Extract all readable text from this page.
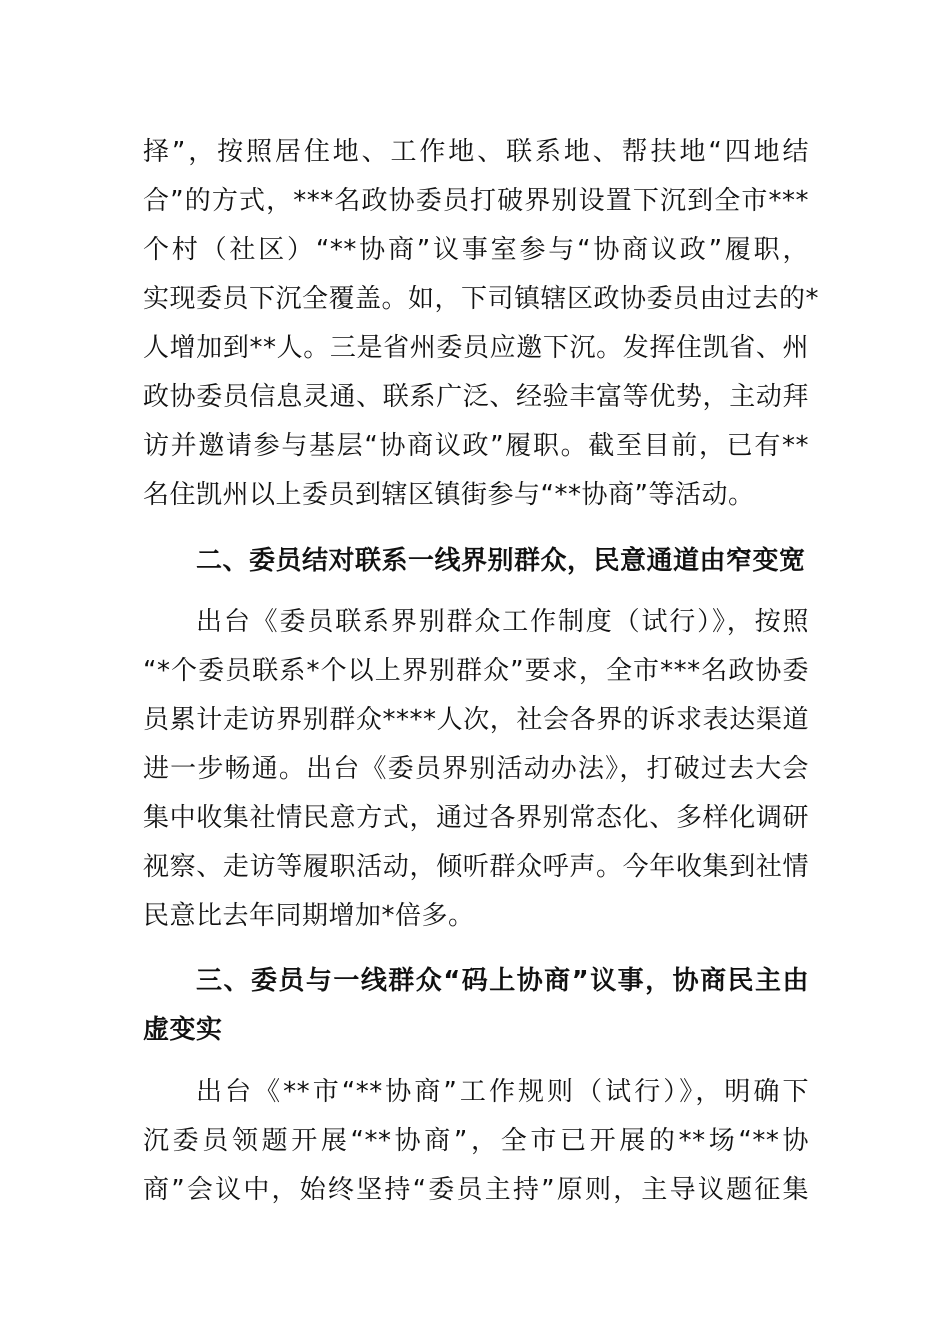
择”，按照居住地、工作地、联系地、帮扶地“四地结
合”的方式，***名政协委员打破界别设置下沉到全市***
个村（社区）“**协商”议事室参与“协商议政”履职，
实现委员下沉全覆盖。如，下司镇辖区政协委员由过去的*
人增加到**人。三是省州委员应邀下沉。发挥住凯省、州
政协委员信息灵通、联系广泛、经验丰富等优势，主动拜
访并邀请参与基层“协商议政”履职。截至目前，已有**
名住凯州以上委员到辖区镇街参与“**协商”等活动。
二、委员结对联系一线界别群众，民意通道由窄变宽
出台《委员联系界别群众工作制度（试行）》，按照
“*个委员联系*个以上界别群众”要求，全市***名政协委
员累计走访界别群众****人次，社会各界的诉求表达渠道
进一步畅通。出台《委员界别活动办法》，打破过去大会
集中收集社情民意方式，通过各界别常态化、多样化调研
视察、走访等履职活动，倾听群众呼声。今年收集到社情
民意比去年同期增加*倍多。
三、委员与一线群众“码上协商”议事，协商民主由
虚变实
出台《**市“**协商”工作规则（试行）》，明确下
沉委员领题开展“**协商”，全市已开展的**场“**协
商”会议中，始终坚持“委员主持”原则，主导议题征集
